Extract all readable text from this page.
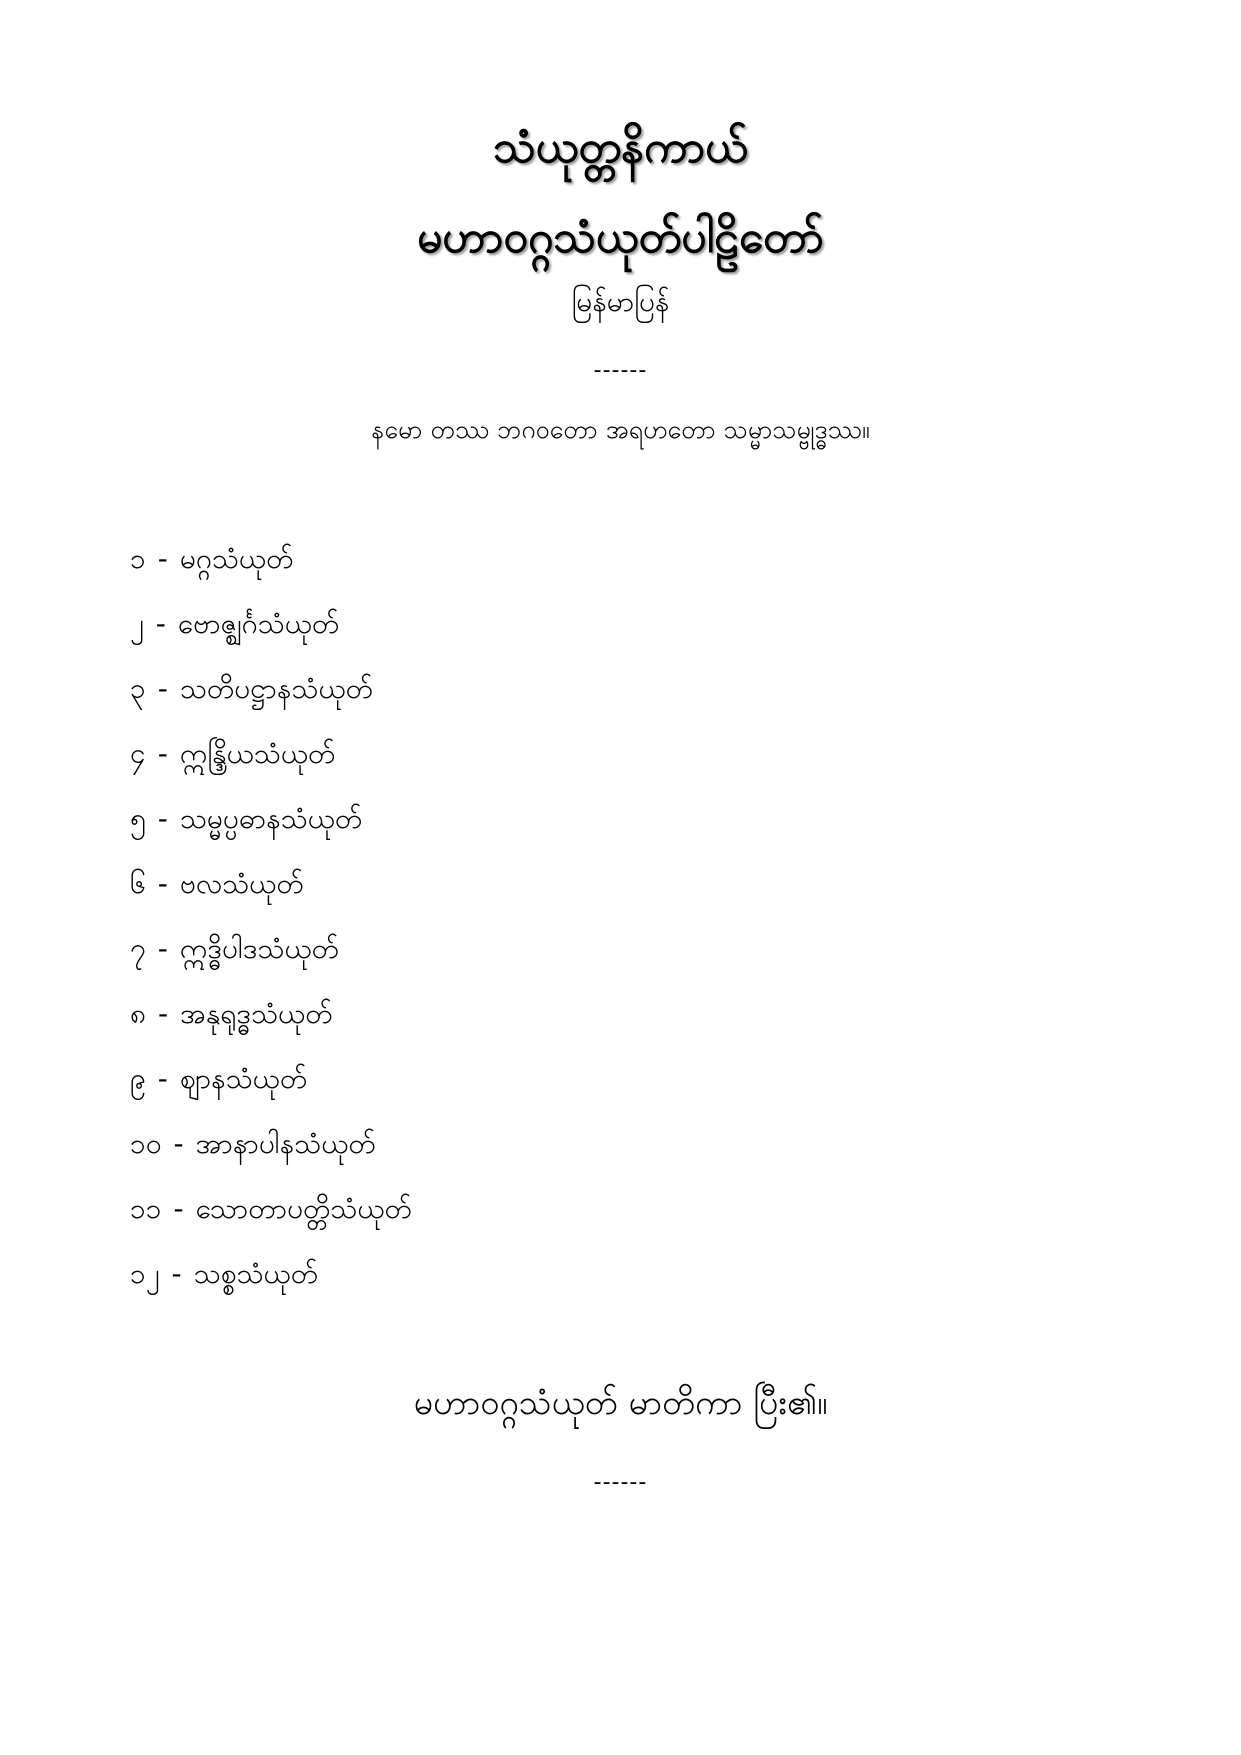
သံယုတ္တနိကာယ်
မဟာဝဂ္ဂသံယုတ်ပါဠိတော်
မြန်မာပြန်
------
နမော တဿ ဘဂဝတော အရဟတော သမ္မာသမ္ဗုဒ္ဓဿ။
၁ - မဂ္ဂသံယုတ်
၂ - ဗောဇ္ဈင်္ဂသံယုတ်
၃ - သတိပဋ္ဌာနသံယုတ်
၄ - ဣန္ဒြိယသံယုတ်
၅ - သမ္မပ္ပဓာနသံယုတ်
၆ - ဗလသံယုတ်
၇ - ဣဒ္ဓိပါဒသံယုတ်
၈ - အနုရုဒ္ဓသံယုတ်
၉ - ဈာနသံယုတ်
၁၀ - အာနာပါနသံယုတ်
၁၁ - သောတာပတ္တိသံယုတ်
၁၂ - သစ္စသံယုတ်
မဟာဝဂ္ဂသံယုတ် မာတိကာ ပြီး၏။
------
